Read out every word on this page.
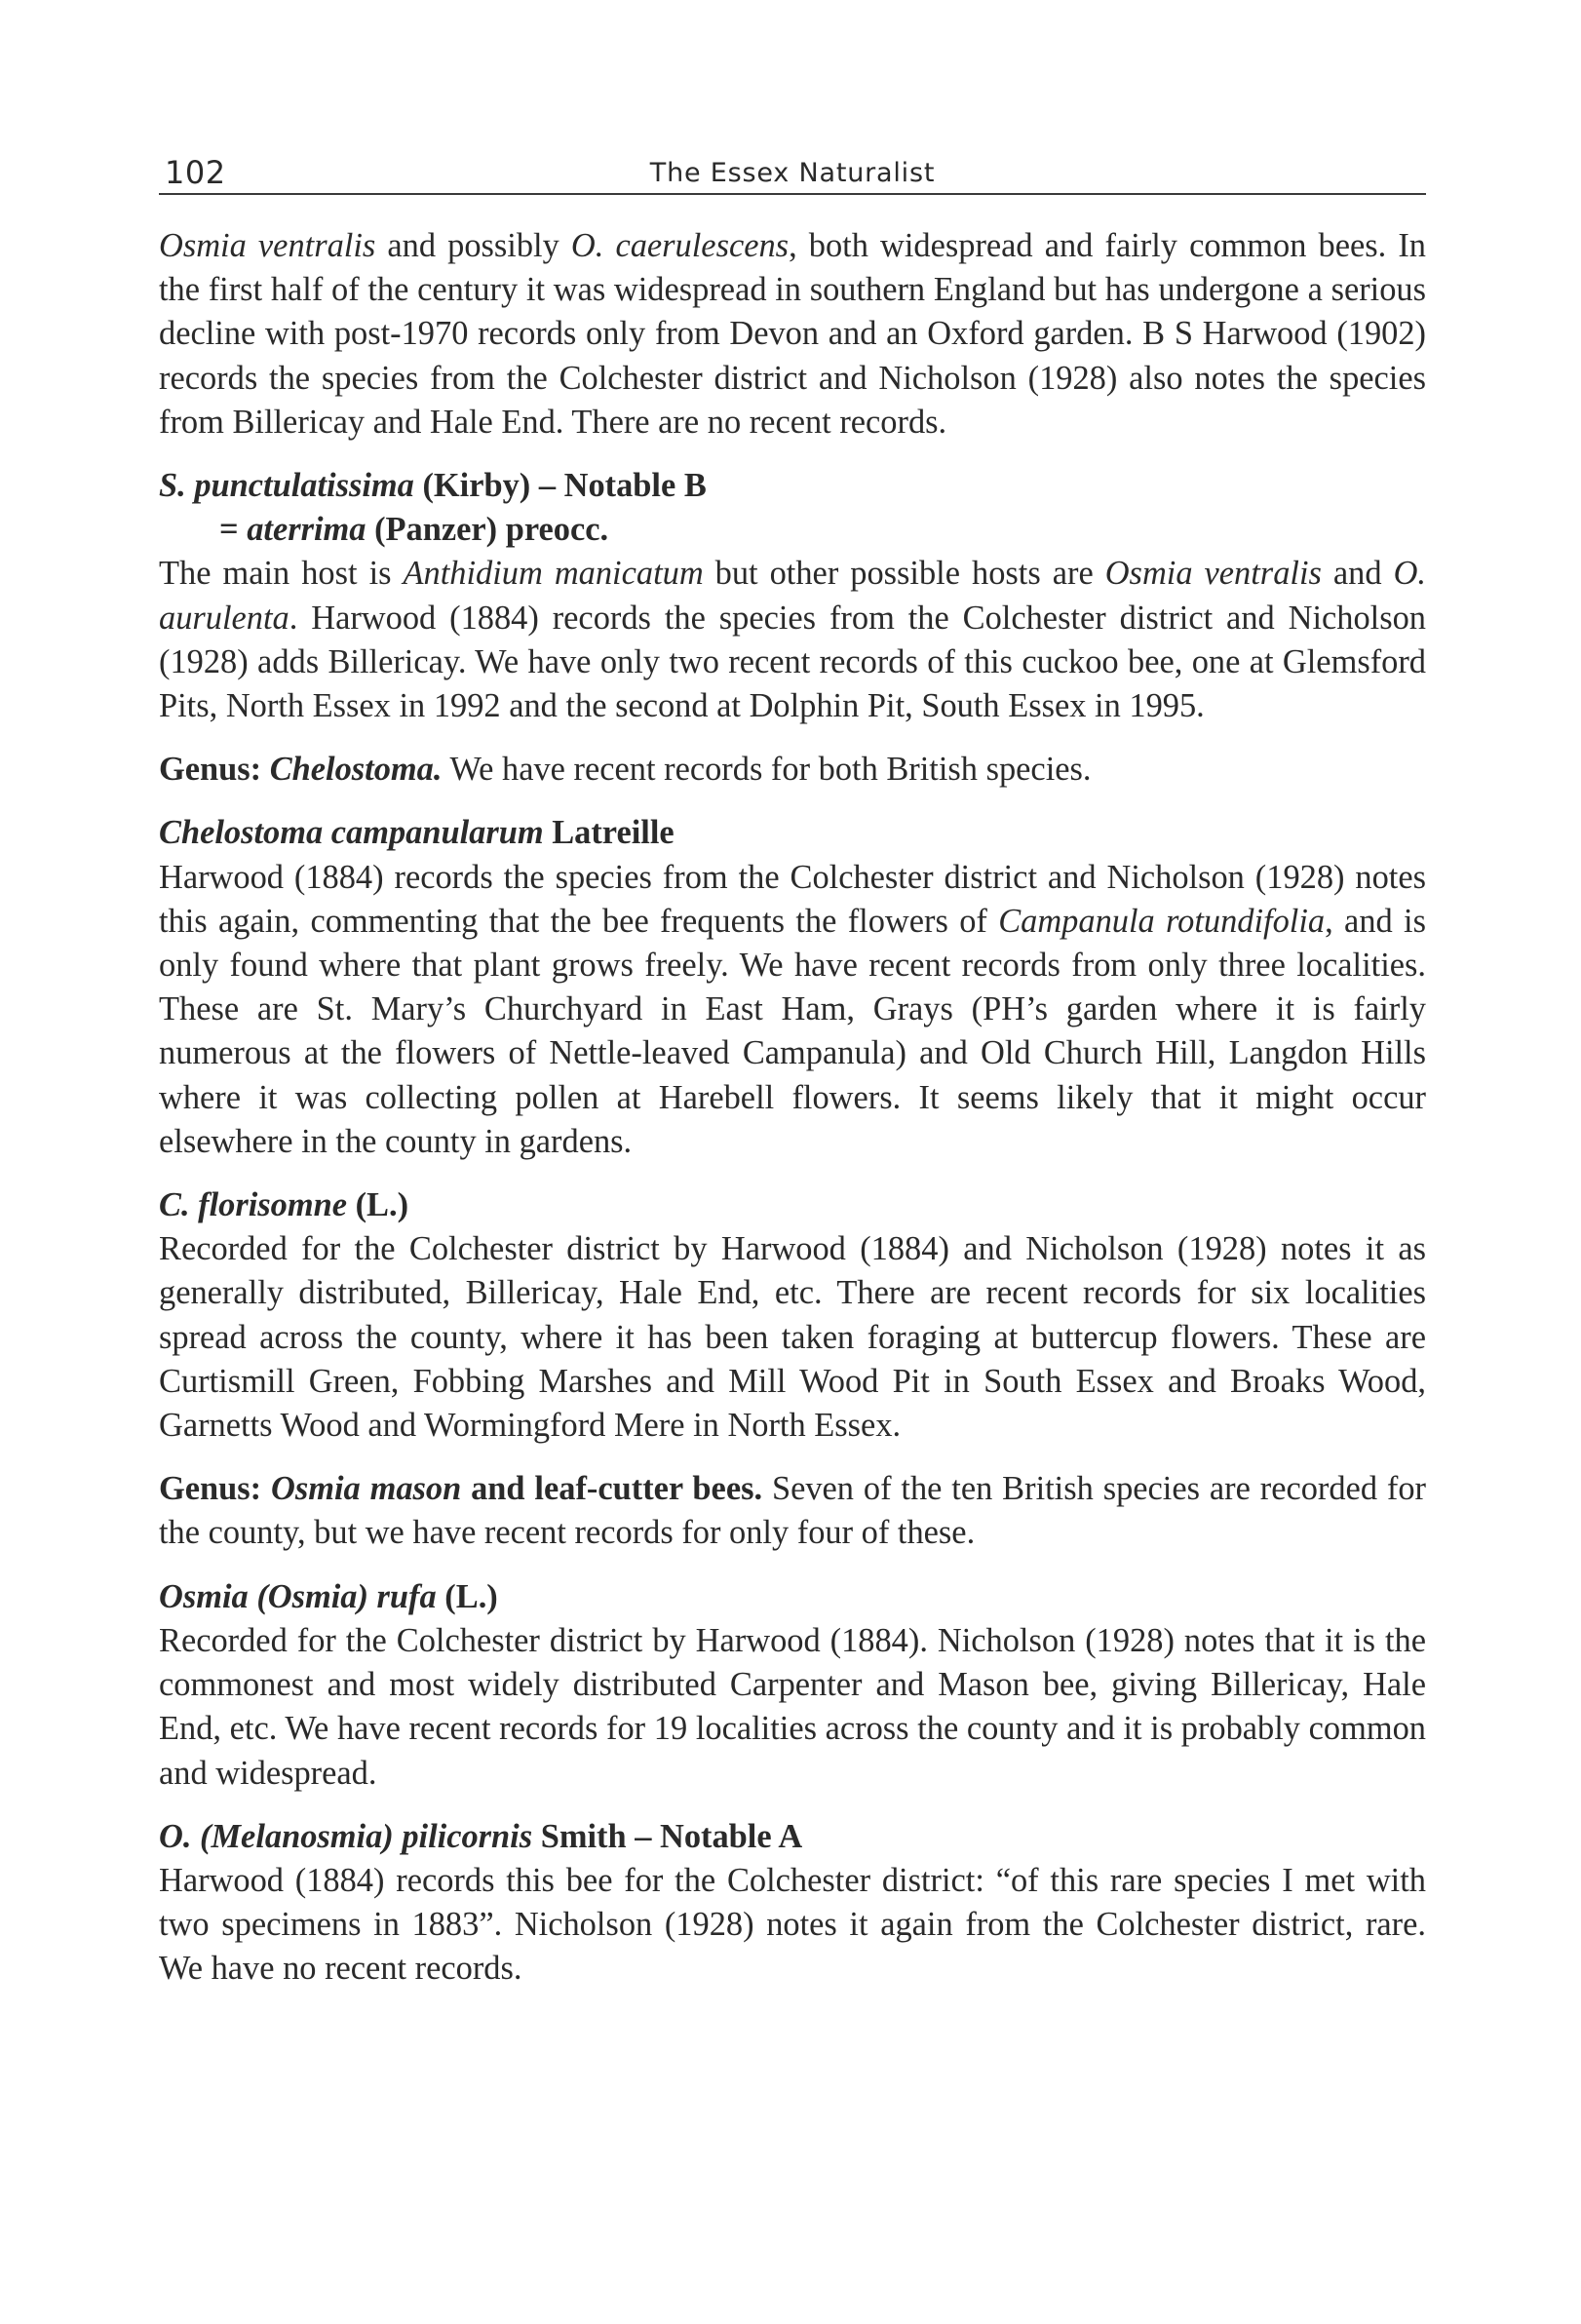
102	The Essex Naturalist

Osmia ventralis and possibly O. caerulescens, both widespread and fairly common bees. In the first half of the century it was widespread in southern England but has undergone a serious decline with post-1970 records only from Devon and an Oxford garden. B S Harwood (1902) records the species from the Colchester district and Nicholson (1928) also notes the species from Billericay and Hale End. There are no recent records.

S. punctulatissima (Kirby) – Notable B

= aterrima (Panzer) preocc.

The main host is Anthidium manicatum but other possible hosts are Osmia ventralis and O. aurulenta. Harwood (1884) records the species from the Colchester district and Nicholson (1928) adds Billericay. We have only two recent records of this cuckoo bee, one at Glemsford Pits, North Essex in 1992 and the second at Dolphin Pit, South Essex in 1995.

Genus: Chelostoma. We have recent records for both British species.

Chelostoma campanularum Latreille

Harwood (1884) records the species from the Colchester district and Nicholson (1928) notes this again, commenting that the bee frequents the flowers of Campanula rotundifolia, and is only found where that plant grows freely. We have recent records from only three localities. These are St. Mary’s Churchyard in East Ham, Grays (PH’s garden where it is fairly numerous at the flowers of Nettle-leaved Campanula) and Old Church Hill, Langdon Hills where it was collecting pollen at Harebell flowers. It seems likely that it might occur elsewhere in the county in gardens.

C. florisomne (L.)

Recorded for the Colchester district by Harwood (1884) and Nicholson (1928) notes it as generally distributed, Billericay, Hale End, etc. There are recent records for six localities spread across the county, where it has been taken foraging at buttercup flowers. These are Curtismill Green, Fobbing Marshes and Mill Wood Pit in South Essex and Broaks Wood, Garnetts Wood and Wormingford Mere in North Essex.

Genus: Osmia mason and leaf-cutter bees. Seven of the ten British species are recorded for the county, but we have recent records for only four of these.

Osmia (Osmia) rufa (L.)

Recorded for the Colchester district by Harwood (1884). Nicholson (1928) notes that it is the commonest and most widely distributed Carpenter and Mason bee, giving Billericay, Hale End, etc. We have recent records for 19 localities across the county and it is probably common and widespread.

O. (Melanosmia) pilicornis Smith – Notable A

Harwood (1884) records this bee for the Colchester district: “of this rare species I met with two specimens in 1883”. Nicholson (1928) notes it again from the Colchester district, rare. We have no recent records.
